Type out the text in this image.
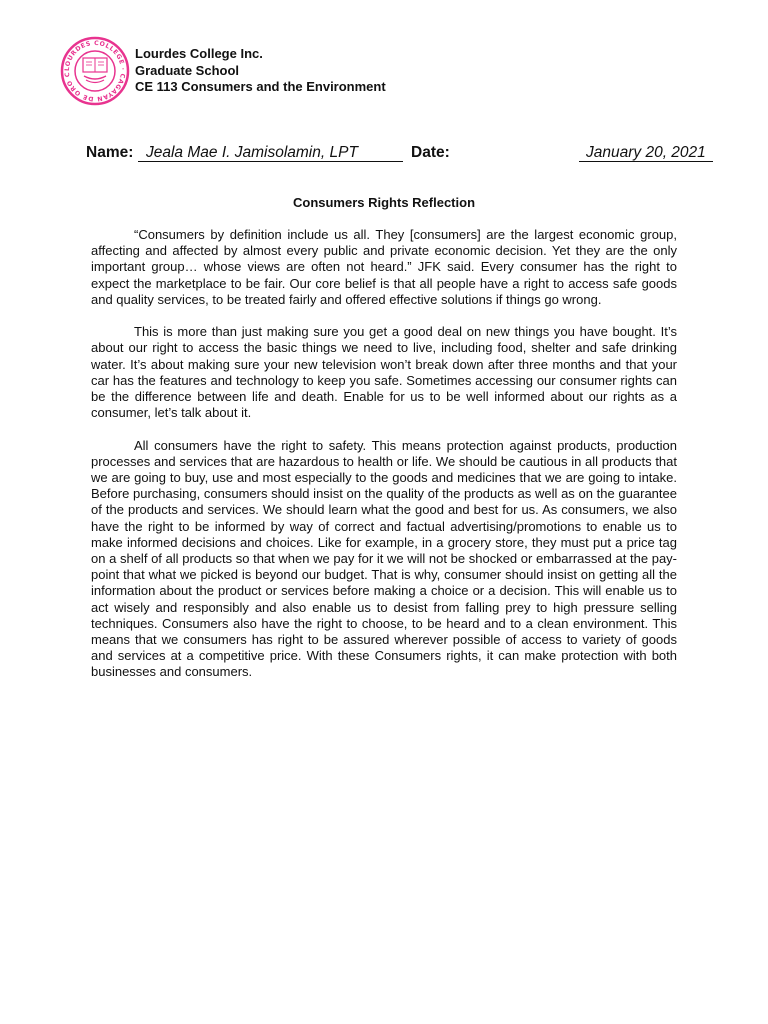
LOURDES COLLEGE · CAGAYAN DE ORO C
Lourdes College Inc.
Graduate School
CE 113 Consumers and the Environment
Name: Jeala Mae I. Jamisolamin, LPT	Date:	January 20, 2021
Consumers Rights Reflection

“Consumers by definition include us all. They [consumers] are the largest economic group, affecting and affected by almost every public and private economic decision. Yet they are the only important group… whose views are often not heard.” JFK said. Every consumer has the right to expect the marketplace to be fair. Our core belief is that all people have a right to access safe goods and quality services, to be treated fairly and offered effective solutions if things go wrong.

This is more than just making sure you get a good deal on new things you have bought. It’s about our right to access the basic things we need to live, including food, shelter and safe drinking water. It’s about making sure your new television won’t break down after three months and that your car has the features and technology to keep you safe. Sometimes accessing our consumer rights can be the difference between life and death. Enable for us to be well informed about our rights as a consumer, let’s talk about it.

All consumers have the right to safety. This means protection against products, production processes and services that are hazardous to health or life. We should be cautious in all products that we are going to buy, use and most especially to the goods and medicines that we are going to intake. Before purchasing, consumers should insist on the quality of the products as well as on the guarantee of the products and services. We should learn what the good and best for us. As consumers, we also have the right to be informed by way of correct and factual advertising/promotions to enable us to make informed decisions and choices. Like for example, in a grocery store, they must put a price tag on a shelf of all products so that when we pay for it we will not be shocked or embarrassed at the pay-point that what we picked is beyond our budget. That is why, consumer should insist on getting all the information about the product or services before making a choice or a decision. This will enable us to act wisely and responsibly and also enable us to desist from falling prey to high pressure selling techniques. Consumers also have the right to choose, to be heard and to a clean environment. This means that we consumers has right to be assured wherever possible of access to variety of goods and services at a competitive price. With these Consumers rights, it can make protection with both businesses and consumers.
